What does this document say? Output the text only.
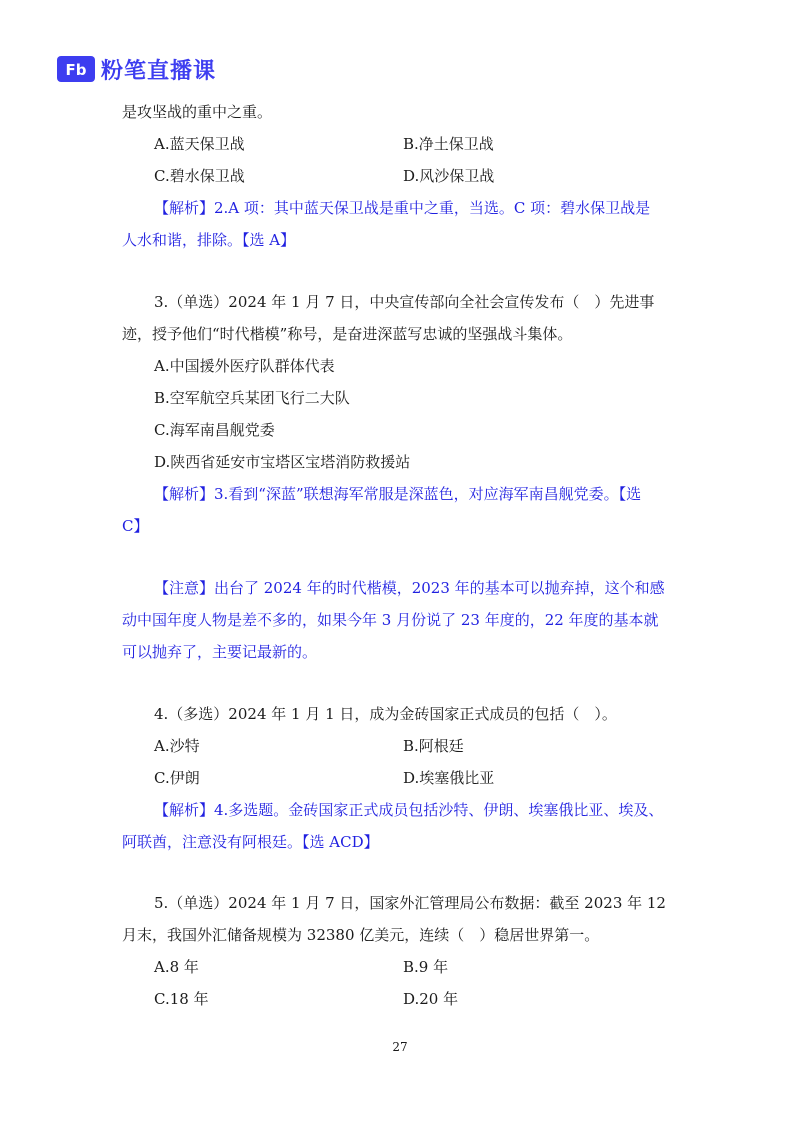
Fb 粉笔直播课
是攻坚战的重中之重。
A.蓝天保卫战	B.净土保卫战
C.碧水保卫战	D.风沙保卫战
【解析】2.A 项：其中蓝天保卫战是重中之重，当选。C 项：碧水保卫战是
人水和谐，排除。【选 A】
3.（单选）2024 年 1 月 7 日，中央宣传部向全社会宣传发布（　）先进事
迹，授予他们“时代楷模”称号，是奋进深蓝写忠诚的坚强战斗集体。
A.中国援外医疗队群体代表
B.空军航空兵某团飞行二大队
C.海军南昌舰党委
D.陕西省延安市宝塔区宝塔消防救援站
【解析】3.看到“深蓝”联想海军常服是深蓝色，对应海军南昌舰党委。【选
C】
【注意】出台了 2024 年的时代楷模，2023 年的基本可以抛弃掉，这个和感
动中国年度人物是差不多的，如果今年 3 月份说了 23 年度的，22 年度的基本就
可以抛弃了，主要记最新的。
4.（多选）2024 年 1 月 1 日，成为金砖国家正式成员的包括（　）。
A.沙特	B.阿根廷
C.伊朗	D.埃塞俄比亚
【解析】4.多选题。金砖国家正式成员包括沙特、伊朗、埃塞俄比亚、埃及、
阿联酋，注意没有阿根廷。【选 ACD】
5.（单选）2024 年 1 月 7 日，国家外汇管理局公布数据：截至 2023 年 12
月末，我国外汇储备规模为 32380 亿美元，连续（　）稳居世界第一。
A.8 年	B.9 年
C.18 年	D.20 年
27
